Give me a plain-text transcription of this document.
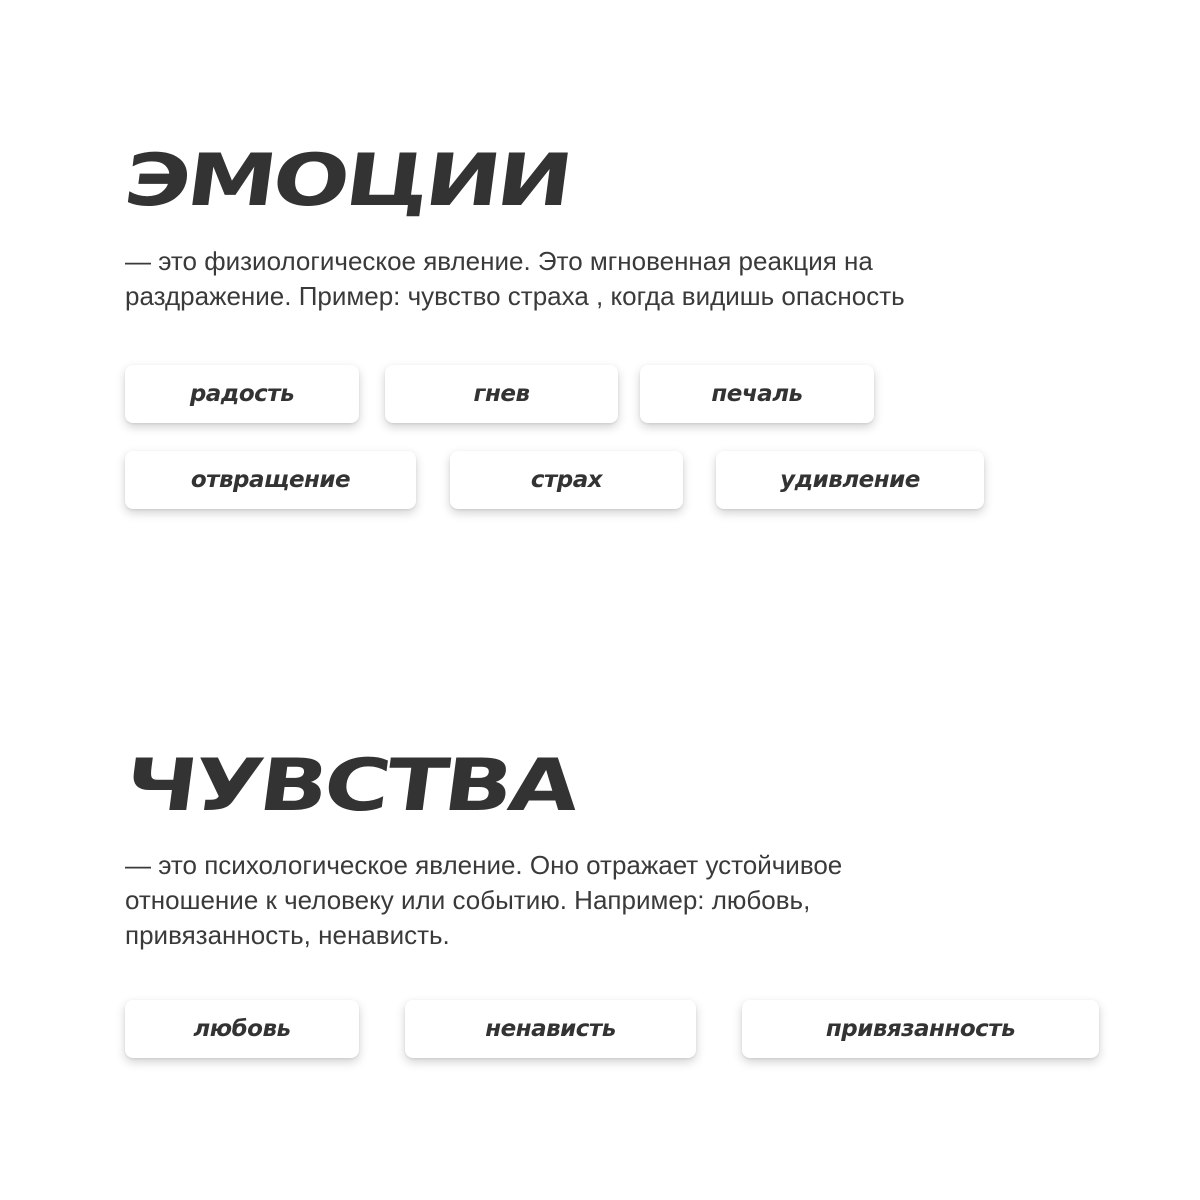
ЭМОЦИИ

— это физиологическое явление. Это мгновенная реакция на
раздражение. Пример: чувство страха , когда видишь опасность

радость	гнев	печаль
отвращение	страх	удивление
ЧУВСТВА

— это психологическое явление. Оно отражает устойчивое
отношение к человеку или событию. Например: любовь,
привязанность, ненависть.

любовь	ненависть	привязанность
